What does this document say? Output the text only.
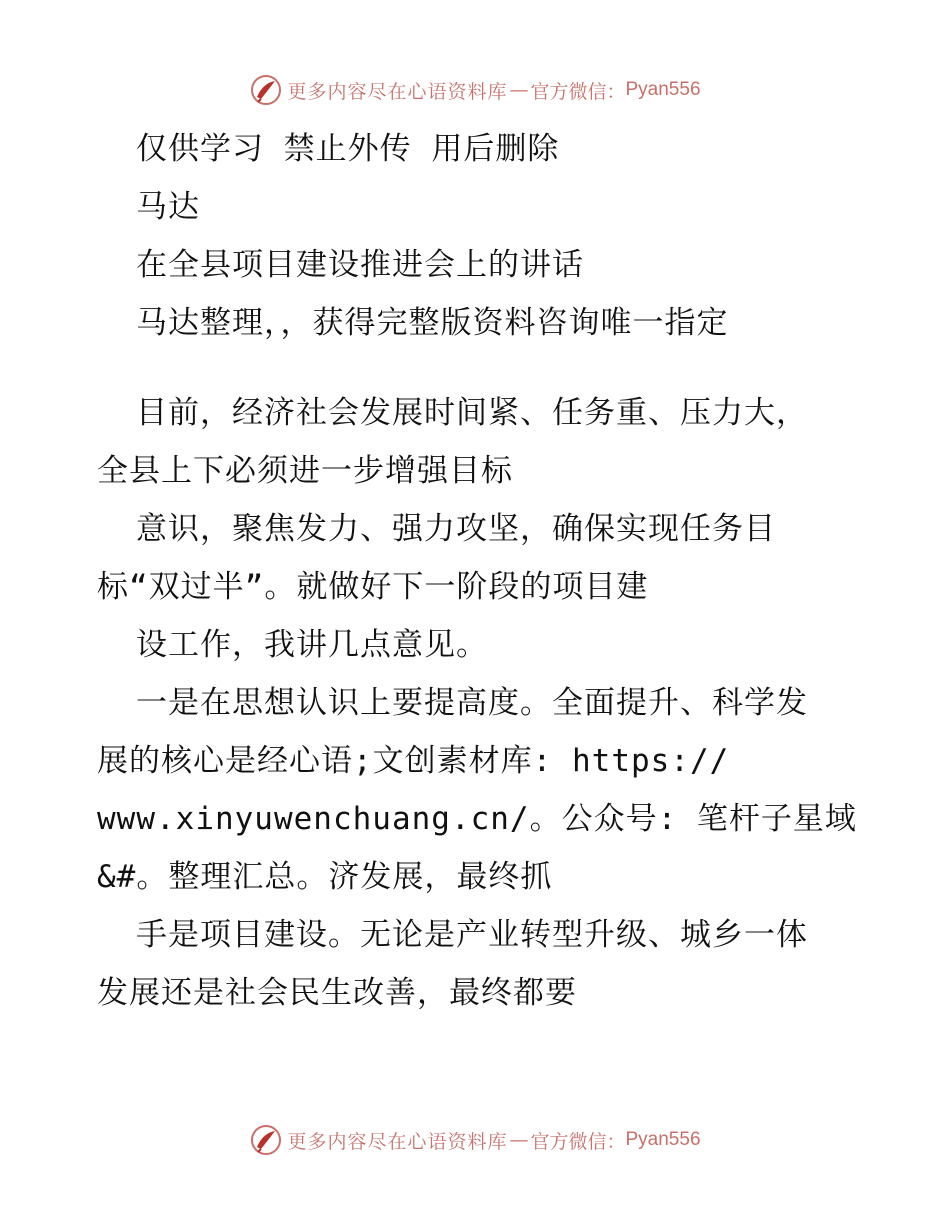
更多内容尽在心语资料库 — 官方微信： Pyan556
仅供学习 禁止外传 用后删除
马达
在全县项目建设推进会上的讲话
马达整理，，获得完整版资料咨询唯一指定
目前，经济社会发展时间紧、任务重、压力大，
全县上下必须进一步增强目标
意识，聚焦发力、强力攻坚，确保实现任务目
标“双过半”。就做好下一阶段的项目建
设工作，我讲几点意见。
一是在思想认识上要提高度。全面提升、科学发
展的核心是经心语;文创素材库: https://
www.xinyuwenchuang.cn/。公众号: 笔杆子星域
&#。整理汇总。济发展，最终抓
手是项目建设。无论是产业转型升级、城乡一体
发展还是社会民生改善，最终都要
更多内容尽在心语资料库 — 官方微信： Pyan556
